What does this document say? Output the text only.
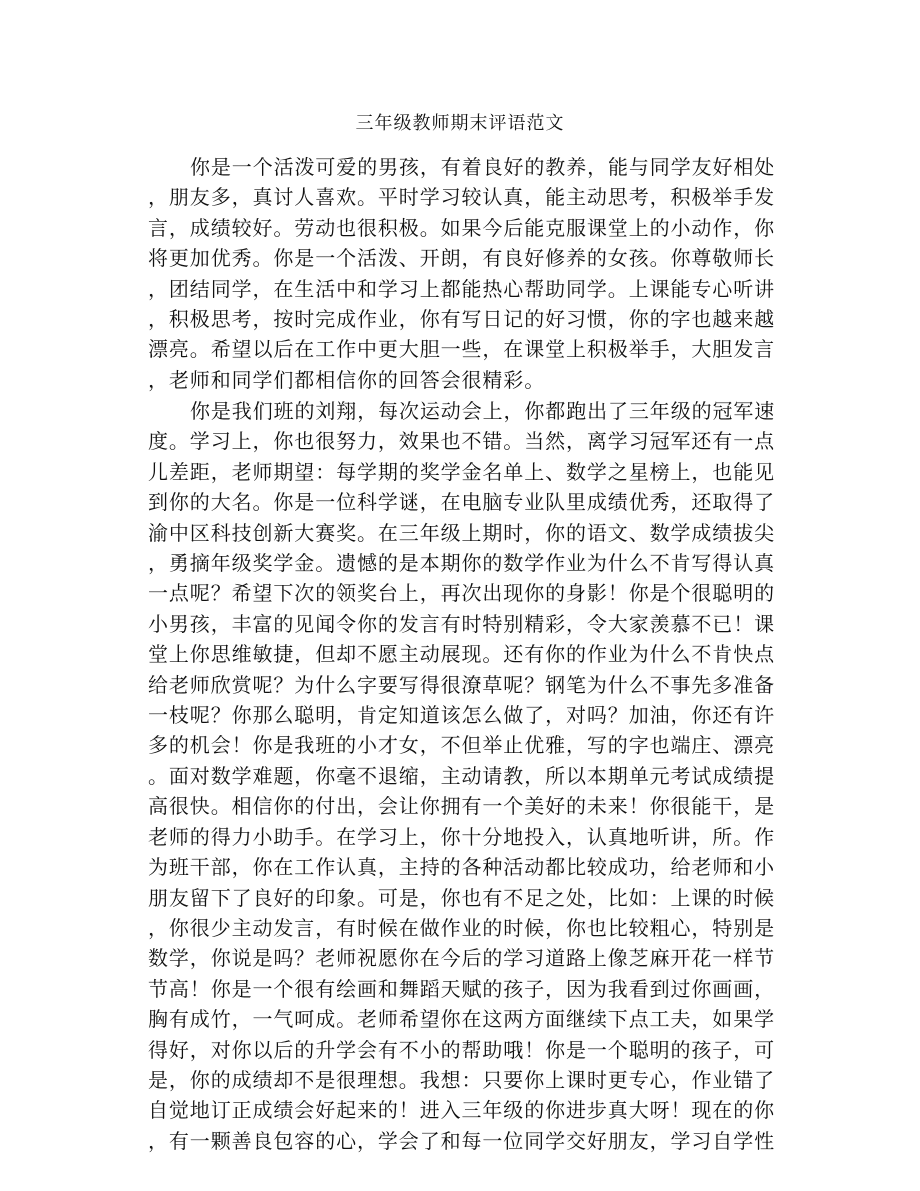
三年级教师期末评语范文
你是一个活泼可爱的男孩，有着良好的教养，能与同学友好相处
，朋友多，真讨人喜欢。平时学习较认真，能主动思考，积极举手发
言，成绩较好。劳动也很积极。如果今后能克服课堂上的小动作，你
将更加优秀。你是一个活泼、开朗，有良好修养的女孩。你尊敬师长
，团结同学，在生活中和学习上都能热心帮助同学。上课能专心听讲
，积极思考，按时完成作业，你有写日记的好习惯，你的字也越来越
漂亮。希望以后在工作中更大胆一些，在课堂上积极举手，大胆发言
，老师和同学们都相信你的回答会很精彩。
你是我们班的刘翔，每次运动会上，你都跑出了三年级的冠军速
度。学习上，你也很努力，效果也不错。当然，离学习冠军还有一点
儿差距，老师期望：每学期的奖学金名单上、数学之星榜上，也能见
到你的大名。你是一位科学谜，在电脑专业队里成绩优秀，还取得了
渝中区科技创新大赛奖。在三年级上期时，你的语文、数学成绩拔尖
，勇摘年级奖学金。遗憾的是本期你的数学作业为什么不肯写得认真
一点呢？希望下次的领奖台上，再次出现你的身影！你是个很聪明的
小男孩，丰富的见闻令你的发言有时特别精彩，令大家羡慕不已！课
堂上你思维敏捷，但却不愿主动展现。还有你的作业为什么不肯快点
给老师欣赏呢？为什么字要写得很潦草呢？钢笔为什么不事先多准备
一枝呢？你那么聪明，肯定知道该怎么做了，对吗？加油，你还有许
多的机会！你是我班的小才女，不但举止优雅，写的字也端庄、漂亮
。面对数学难题，你毫不退缩，主动请教，所以本期单元考试成绩提
高很快。相信你的付出，会让你拥有一个美好的未来！你很能干，是
老师的得力小助手。在学习上，你十分地投入，认真地听讲，所。作
为班干部，你在工作认真，主持的各种活动都比较成功，给老师和小
朋友留下了良好的印象。可是，你也有不足之处，比如：上课的时候
，你很少主动发言，有时候在做作业的时候，你也比较粗心，特别是
数学，你说是吗？老师祝愿你在今后的学习道路上像芝麻开花一样节
节高！你是一个很有绘画和舞蹈天赋的孩子，因为我看到过你画画，
胸有成竹，一气呵成。老师希望你在这两方面继续下点工夫，如果学
得好，对你以后的升学会有不小的帮助哦！你是一个聪明的孩子，可
是，你的成绩却不是很理想。我想：只要你上课时更专心，作业错了
自觉地订正成绩会好起来的！进入三年级的你进步真大呀！现在的你
，有一颗善良包容的心，学会了和每一位同学交好朋友，学习自学性
